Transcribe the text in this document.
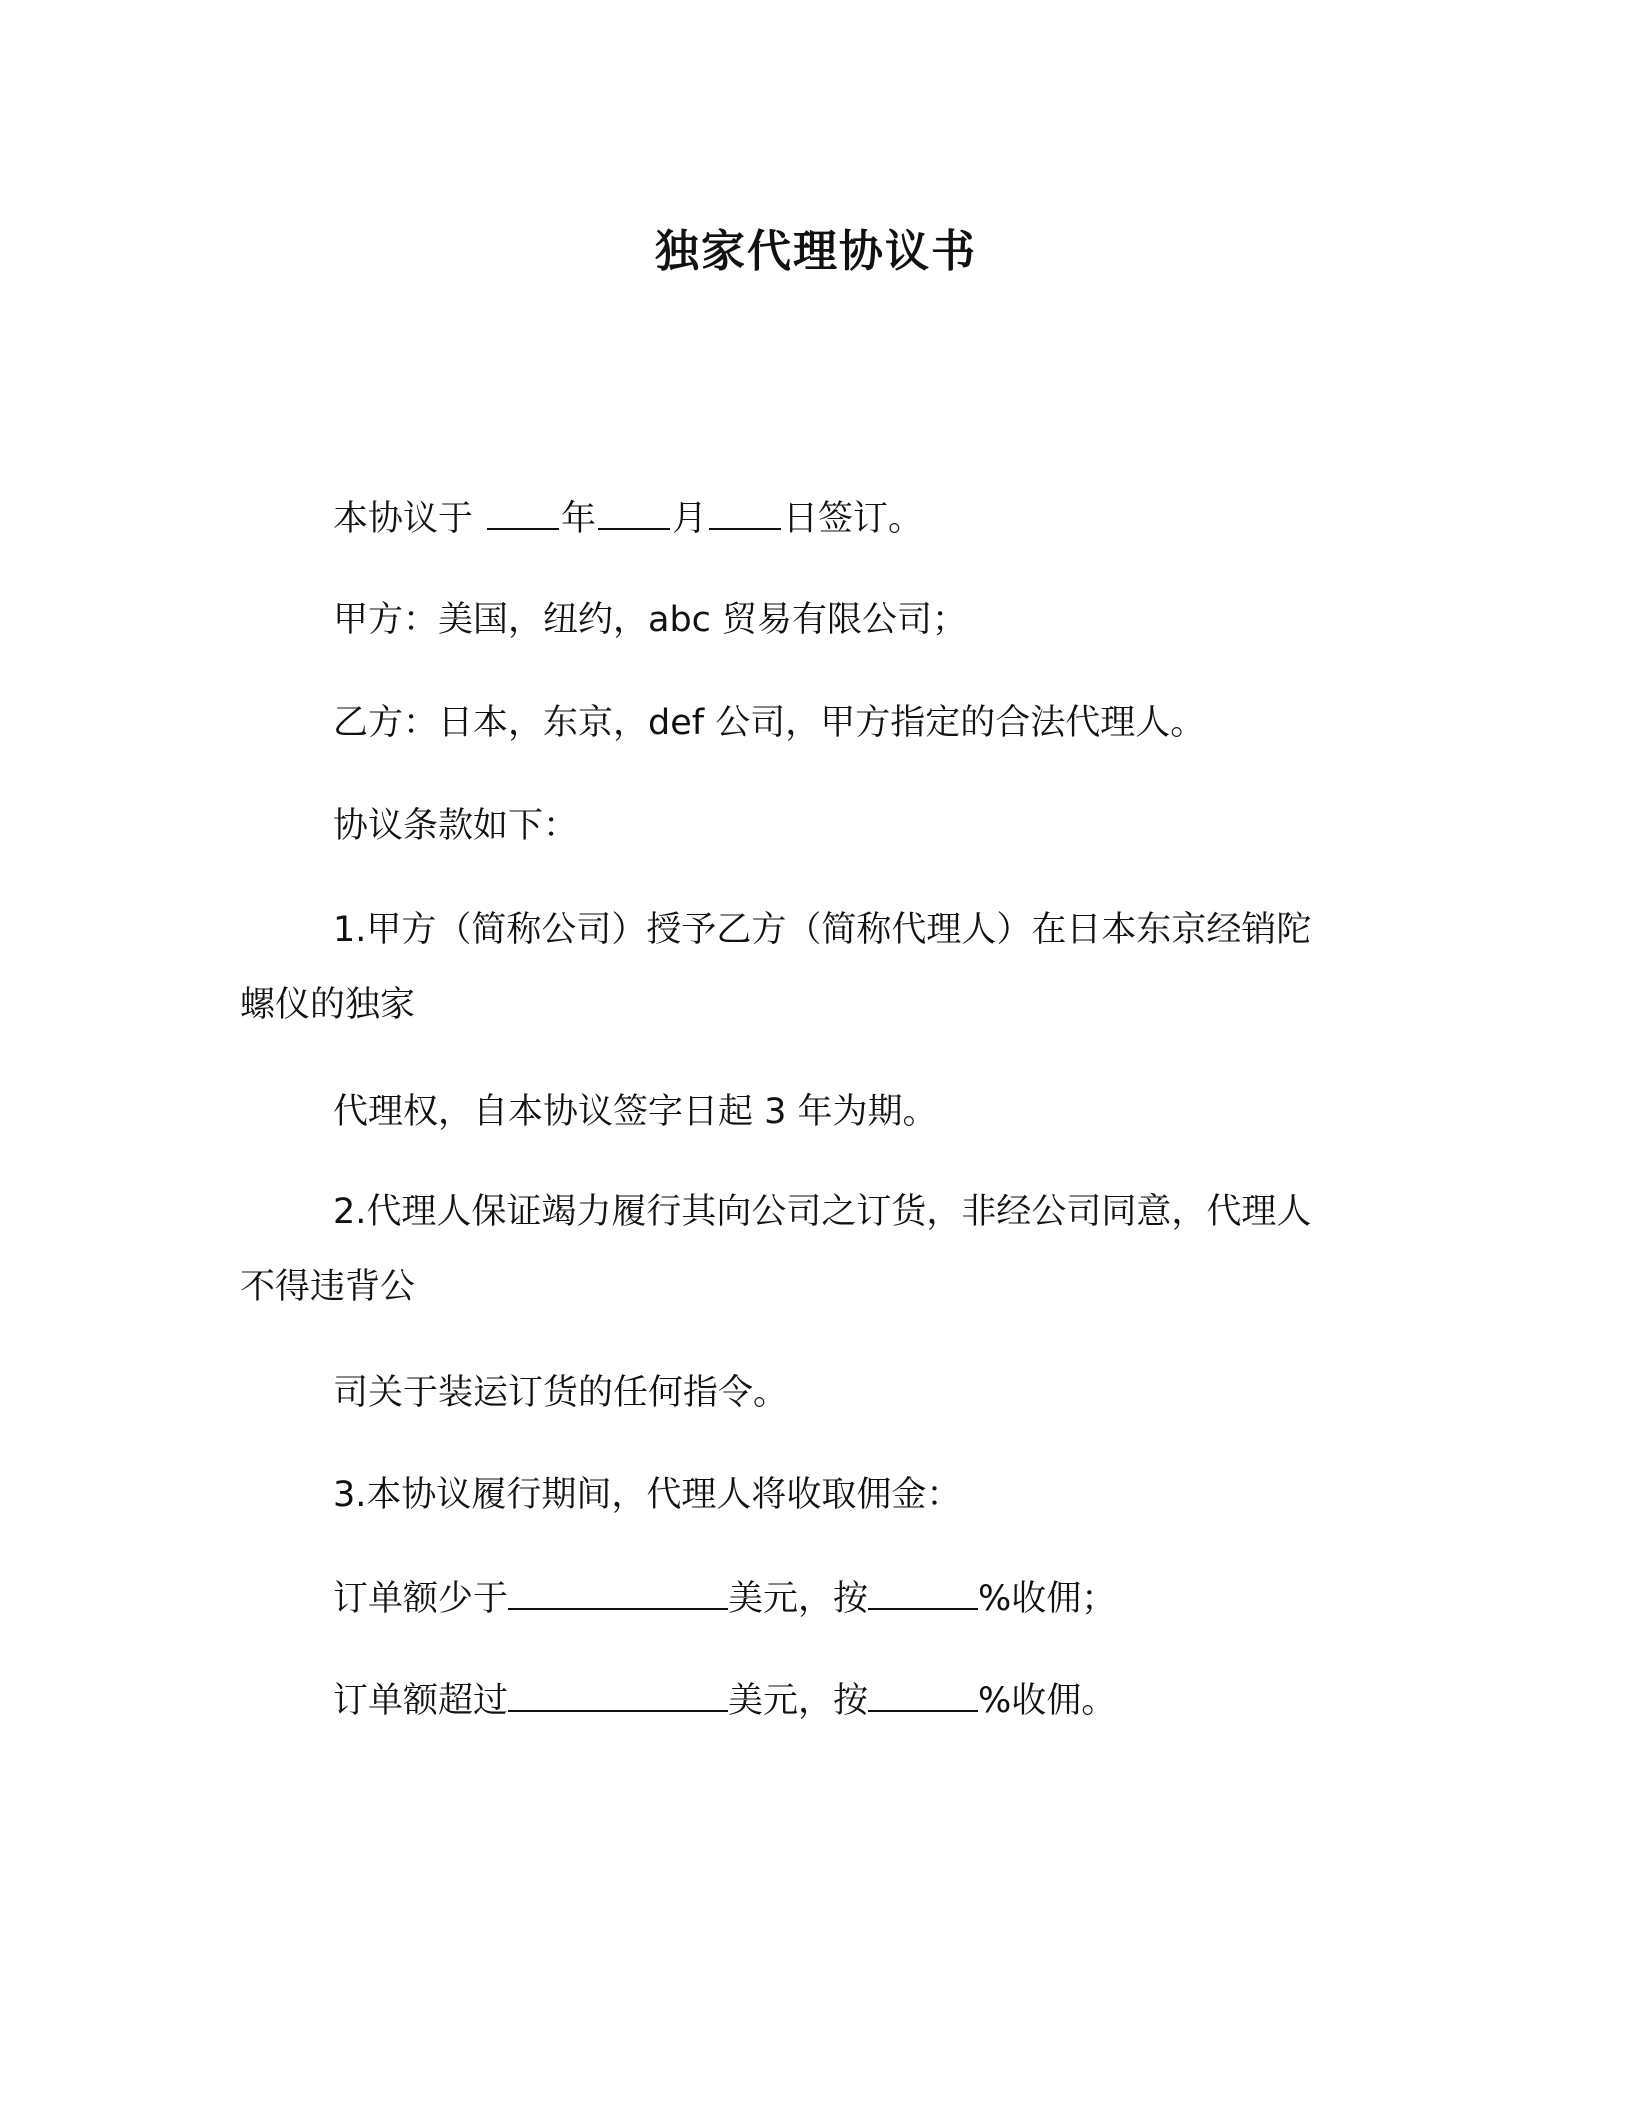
独家代理协议书
本协议于	年 月 日签订。
甲方：美国，纽约，abc 贸易有限公司；
乙方：日本，东京，def 公司，甲方指定的合法代理人。
协议条款如下：
1.甲方（简称公司）授予乙方（简称代理人）在日本东京经销陀
螺仪的独家
代理权，自本协议签字日起 3 年为期。
2.代理人保证竭力履行其向公司之订货，非经公司同意，代理人
不得违背公
司关于装运订货的任何指令。
3.本协议履行期间，代理人将收取佣金：
订单额少于	美元，按	%收佣；
订单额超过	美元，按	%收佣。
